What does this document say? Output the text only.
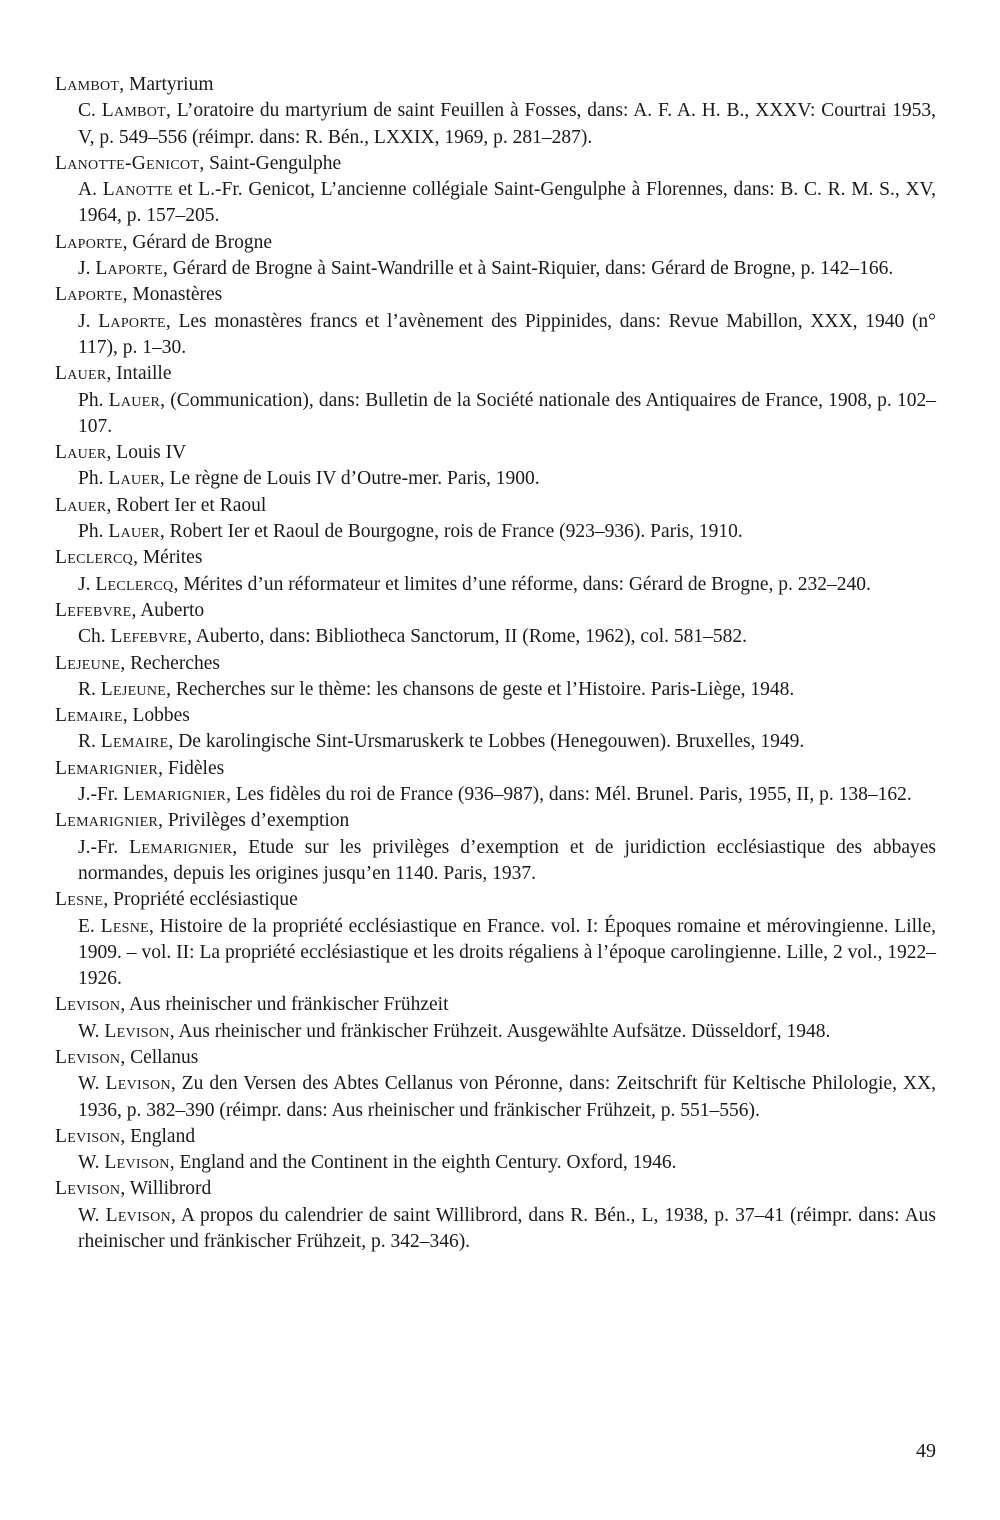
Lambot, Martyrium

C. Lambot, L’oratoire du martyrium de saint Feuillen à Fosses, dans: A. F. A. H. B., XXXV: Courtrai 1953, V, p. 549–556 (réimpr. dans: R. Bén., LXXIX, 1969, p. 281–287).

Lanotte-Genicot, Saint-Gengulphe

A. Lanotte et L.-Fr. Genicot, L’ancienne collégiale Saint-Gengulphe à Florennes, dans: B. C. R. M. S., XV, 1964, p. 157–205.

Laporte, Gérard de Brogne

J. Laporte, Gérard de Brogne à Saint-Wandrille et à Saint-Riquier, dans: Gérard de Brogne, p. 142–166.

Laporte, Monastères

J. Laporte, Les monastères francs et l’avènement des Pippinides, dans: Revue Mabillon, XXX, 1940 (n° 117), p. 1–30.

Lauer, Intaille

Ph. Lauer, (Communication), dans: Bulletin de la Société nationale des Antiquaires de France, 1908, p. 102–107.

Lauer, Louis IV

Ph. Lauer, Le règne de Louis IV d’Outre-mer. Paris, 1900.

Lauer, Robert Ier et Raoul

Ph. Lauer, Robert Ier et Raoul de Bourgogne, rois de France (923–936). Paris, 1910.

Leclercq, Mérites

J. Leclercq, Mérites d’un réformateur et limites d’une réforme, dans: Gérard de Brogne, p. 232–240.

Lefebvre, Auberto

Ch. Lefebvre, Auberto, dans: Bibliotheca Sanctorum, II (Rome, 1962), col. 581–582.

Lejeune, Recherches

R. Lejeune, Recherches sur le thème: les chansons de geste et l’Histoire. Paris-Liège, 1948.

Lemaire, Lobbes

R. Lemaire, De karolingische Sint-Ursmaruskerk te Lobbes (Henegouwen). Bruxelles, 1949.

Lemarignier, Fidèles

J.-Fr. Lemarignier, Les fidèles du roi de France (936–987), dans: Mél. Brunel. Paris, 1955, II, p. 138–162.

Lemarignier, Privilèges d’exemption

J.-Fr. Lemarignier, Etude sur les privilèges d’exemption et de juridiction ecclésiastique des abbayes normandes, depuis les origines jusqu’en 1140. Paris, 1937.

Lesne, Propriété ecclésiastique

E. Lesne, Histoire de la propriété ecclésiastique en France. vol. I: Époques romaine et mérovingienne. Lille, 1909. – vol. II: La propriété ecclésiastique et les droits régaliens à l’époque carolingienne. Lille, 2 vol., 1922–1926.

Levison, Aus rheinischer und fränkischer Frühzeit

W. Levison, Aus rheinischer und fränkischer Frühzeit. Ausgewählte Aufsätze. Düsseldorf, 1948.

Levison, Cellanus

W. Levison, Zu den Versen des Abtes Cellanus von Péronne, dans: Zeitschrift für Keltische Philologie, XX, 1936, p. 382–390 (réimpr. dans: Aus rheinischer und fränkischer Frühzeit, p. 551–556).

Levison, England

W. Levison, England and the Continent in the eighth Century. Oxford, 1946.

Levison, Willibrord

W. Levison, A propos du calendrier de saint Willibrord, dans R. Bén., L, 1938, p. 37–41 (réimpr. dans: Aus rheinischer und fränkischer Frühzeit, p. 342–346).

49
